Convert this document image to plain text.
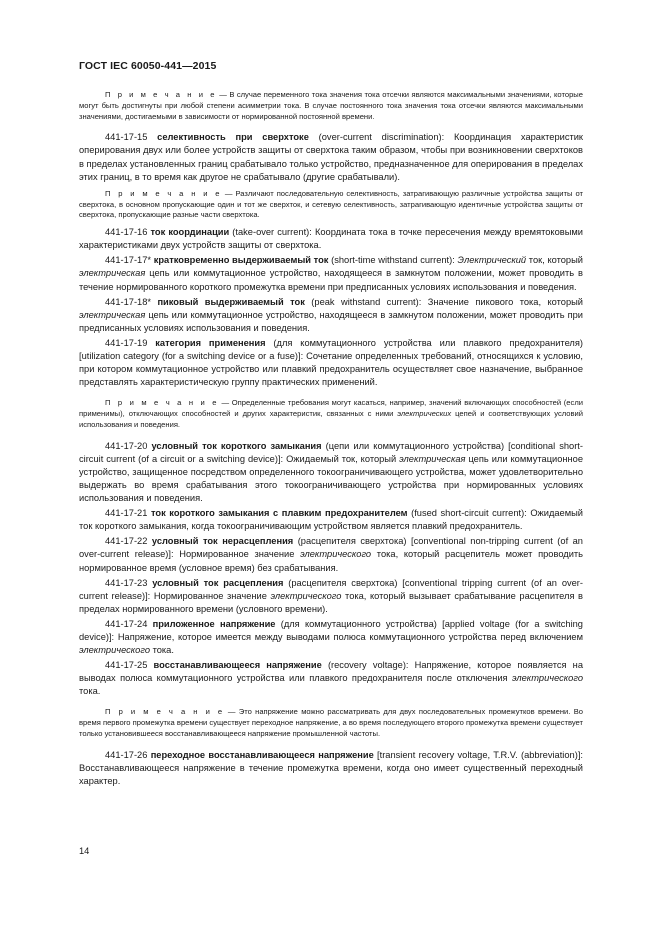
ГОСТ IEC 60050-441—2015

П р и м е ч а н и е — В случае переменного тока значения тока отсечки являются максимальными значениями, которые могут быть достигнуты при любой степени асимметрии тока. В случае постоянного тока значения тока отсечки являются максимальными значениями, достигаемыми в зависимости от нормированной постоянной времени.

441-17-15 селективность при сверхтоке (over-current discrimination): Координация характеристик оперирования двух или более устройств защиты от сверхтока таким образом, чтобы при возникновении сверхтоков в пределах установленных границ срабатывало только устройство, предназначенное для оперирования в пределах этих границ, в то время как другое не срабатывало (другие срабатывали).

П р и м е ч а н и е — Различают последовательную селективность, затрагивающую различные устройства защиты от сверхтока, в основном пропускающие один и тот же сверхток, и сетевую селективность, затрагивающую идентичные устройства защиты от сверхтока, пропускающие разные части сверхтока.

441-17-16 ток координации (take-over current): Координата тока в точке пересечения между времятоковыми характеристиками двух устройств защиты от сверхтока.

441-17-17* кратковременно выдерживаемый ток (short-time withstand current): Электрический ток, который электрическая цепь или коммутационное устройство, находящееся в замкнутом положении, может проводить в течение нормированного короткого промежутка времени при предписанных условиях использования и поведения.

441-17-18* пиковый выдерживаемый ток (peak withstand current): Значение пикового тока, который электрическая цепь или коммутационное устройство, находящееся в замкнутом положении, может проводить при предписанных условиях использования и поведения.

441-17-19 категория применения (для коммутационного устройства или плавкого предохранителя) [utilization category (for a switching device or a fuse)]: Сочетание определенных требований, относящихся к условию, при котором коммутационное устройство или плавкий предохранитель осуществляет свое назначение, выбранное представлять характеристическую группу практических применений.

П р и м е ч а н и е — Определенные требования могут касаться, например, значений включающих способностей (если применимы), отключающих способностей и других характеристик, связанных с ними электрических цепей и соответствующих условий использования и поведения.

441-17-20 условный ток короткого замыкания (цепи или коммутационного устройства) [conditional short-circuit current (of a circuit or a switching device)]: Ожидаемый ток, который электрическая цепь или коммутационное устройство, защищенное посредством определенного токоограничивающего устройства, может удовлетворительно выдержать во время срабатывания этого токоограничивающего устройства при нормированных условиях использования и поведения.

441-17-21 ток короткого замыкания с плавким предохранителем (fused short-circuit current): Ожидаемый ток короткого замыкания, когда токоограничивающим устройством является плавкий предохранитель.

441-17-22 условный ток нерасцепления (расцепителя сверхтока) [conventional non-tripping current (of an over-current release)]: Нормированное значение электрического тока, который расцепитель может проводить нормированное время (условное время) без срабатывания.

441-17-23 условный ток расцепления (расцепителя сверхтока) [conventional tripping current (of an over-current release)]: Нормированное значение электрического тока, который вызывает срабатывание расцепителя в пределах нормированного времени (условного времени).

441-17-24 приложенное напряжение (для коммутационного устройства) [applied voltage (for a switching device)]: Напряжение, которое имеется между выводами полюса коммутационного устройства перед включением электрического тока.

441-17-25 восстанавливающееся напряжение (recovery voltage): Напряжение, которое появляется на выводах полюса коммутационного устройства или плавкого предохранителя после отключения электрического тока.

П р и м е ч а н и е — Это напряжение можно рассматривать для двух последовательных промежутков времени. Во время первого промежутка времени существует переходное напряжение, а во время последующего второго промежутка времени существует только установившееся восстанавливающееся напряжение промышленной частоты.

441-17-26 переходное восстанавливающееся напряжение [transient recovery voltage, T.R.V. (abbreviation)]: Восстанавливающееся напряжение в течение промежутка времени, когда оно имеет существенный переходный характер.

14
